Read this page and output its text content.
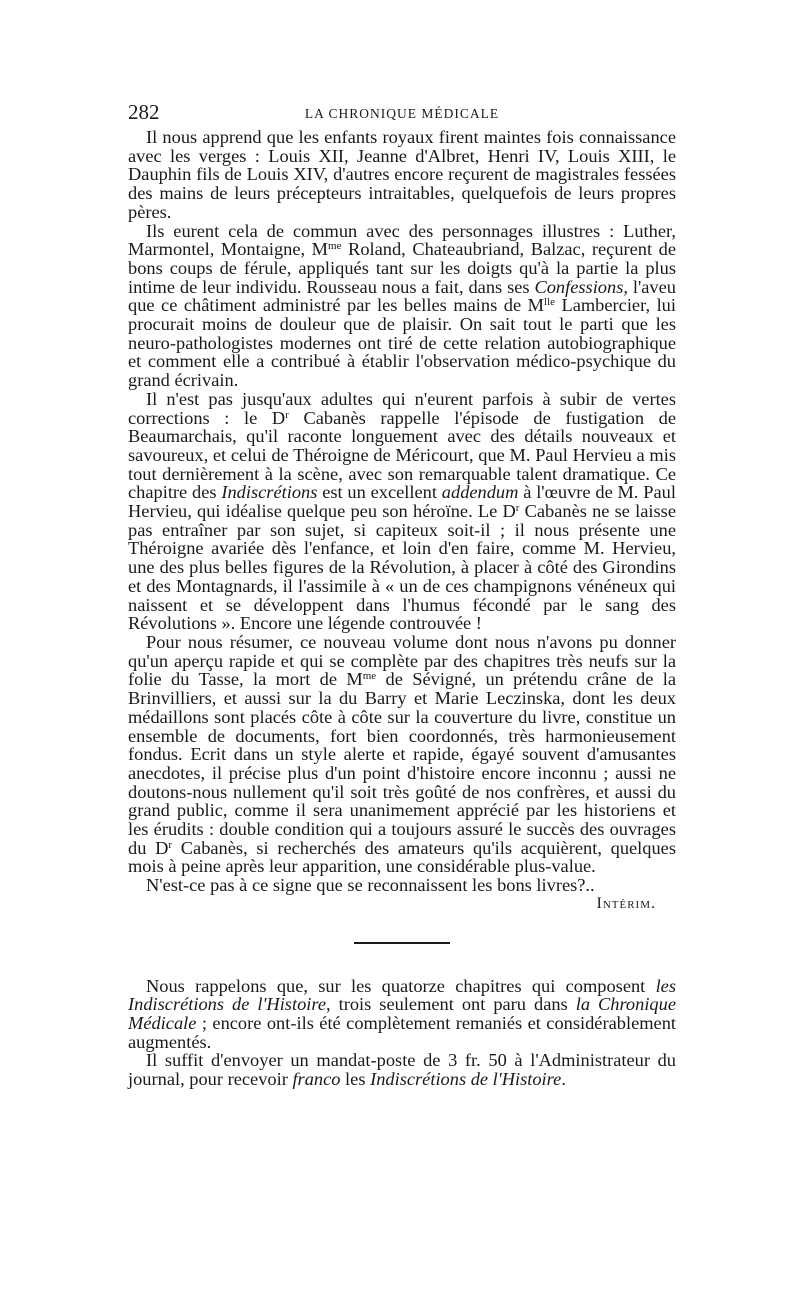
282	LA CHRONIQUE MÉDICALE

Il nous apprend que les enfants royaux firent maintes fois connaissance avec les verges : Louis XII, Jeanne d'Albret, Henri IV, Louis XIII, le Dauphin fils de Louis XIV, d'autres encore reçurent de magistrales fessées des mains de leurs précepteurs intraitables, quelquefois de leurs propres pères.

Ils eurent cela de commun avec des personnages illustres : Luther, Marmontel, Montaigne, $M^{me}$ Roland, Chateaubriand, Balzac, reçurent de bons coups de férule, appliqués tant sur les doigts qu'à la partie la plus intime de leur individu. Rousseau nous a fait, dans ses Confessions, l'aveu que ce châtiment administré par les belles mains de $M^{lle}$ Lambercier, lui procurait moins de douleur que de plaisir. On sait tout le parti que les neuro-pathologistes modernes ont tiré de cette relation autobiographique et comment elle a contribué à établir l'observation médico-psychique du grand écrivain.

Il n'est pas jusqu'aux adultes qui n'eurent parfois à subir de vertes corrections : le $D^r$ Cabanès rappelle l'épisode de fustigation de Beaumarchais, qu'il raconte longuement avec des détails nouveaux et savoureux, et celui de Théroigne de Méricourt, que M. Paul Hervieu a mis tout dernièrement à la scène, avec son remarquable talent dramatique. Ce chapitre des Indiscrétions est un excellent addendum à l'œuvre de M. Paul Hervieu, qui idéalise quelque peu son héroïne. Le $D^r$ Cabanès ne se laisse pas entraîner par son sujet, si capiteux soit-il ; il nous présente une Théroigne avariée dès l'enfance, et loin d'en faire, comme M. Hervieu, une des plus belles figures de la Révolution, à placer à côté des Girondins et des Montagnards, il l'assimile à « un de ces champignons vénéneux qui naissent et se développent dans l'humus fécondé par le sang des Révolutions ». Encore une légende controuvée !

Pour nous résumer, ce nouveau volume dont nous n'avons pu donner qu'un aperçu rapide et qui se complète par des chapitres très neufs sur la folie du Tasse, la mort de $M^{me}$ de Sévigné, un prétendu crâne de la Brinvilliers, et aussi sur la du Barry et Marie Leczinska, dont les deux médaillons sont placés côte à côte sur la couverture du livre, constitue un ensemble de documents, fort bien coordonnés, très harmonieusement fondus. Ecrit dans un style alerte et rapide, égayé souvent d'amusantes anecdotes, il précise plus d'un point d'histoire encore inconnu ; aussi ne doutons-nous nullement qu'il soit très goûté de nos confrères, et aussi du grand public, comme il sera unanimement apprécié par les historiens et les érudits : double condition qui a toujours assuré le succès des ouvrages du $D^r$ Cabanès, si recherchés des amateurs qu'ils acquièrent, quelques mois à peine après leur apparition, une considérable plus-value.

N'est-ce pas à ce signe que se reconnaissent les bons livres?..

Intérim.

Nous rappelons que, sur les quatorze chapitres qui composent les Indiscrétions de l'Histoire, trois seulement ont paru dans la Chronique Médicale ; encore ont-ils été complètement remaniés et considérablement augmentés.

Il suffit d'envoyer un mandat-poste de 3 fr. 50 à l'Administrateur du journal, pour recevoir franco les Indiscrétions de l'Histoire.
